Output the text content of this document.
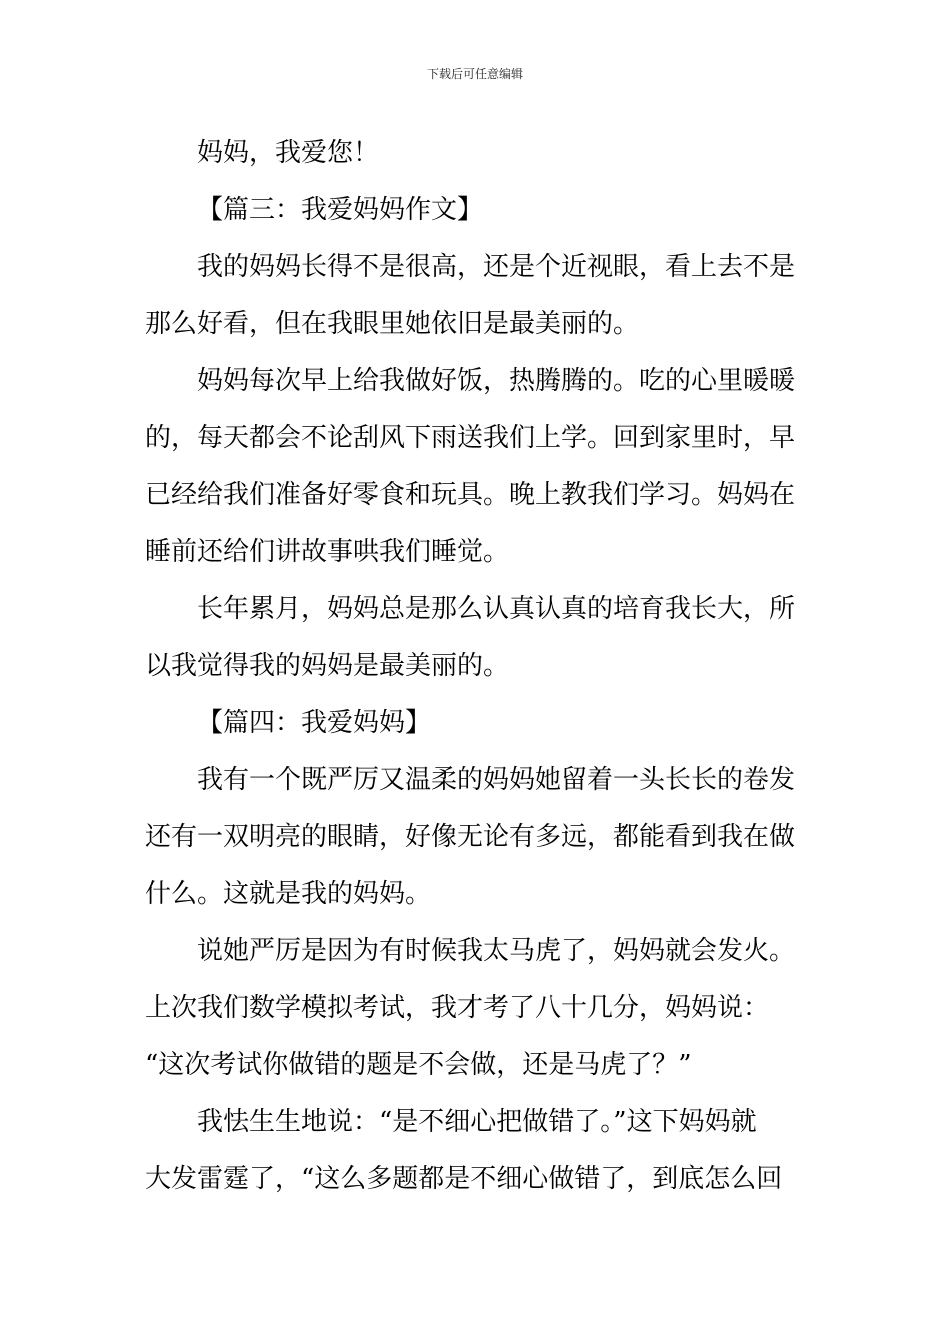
下载后可任意编辑
妈妈，我爱您！
【篇三：我爱妈妈作文】
我的妈妈长得不是很高，还是个近视眼，看上去不是
那么好看，但在我眼里她依旧是最美丽的。
妈妈每次早上给我做好饭，热腾腾的。吃的心里暖暖
的，每天都会不论刮风下雨送我们上学。回到家里时，早
已经给我们准备好零食和玩具。晚上教我们学习。妈妈在
睡前还给们讲故事哄我们睡觉。
长年累月，妈妈总是那么认真认真的培育我长大，所
以我觉得我的妈妈是最美丽的。
【篇四：我爱妈妈】
我有一个既严厉又温柔的妈妈她留着一头长长的卷发
还有一双明亮的眼睛，好像无论有多远，都能看到我在做
什么。这就是我的妈妈。
说她严厉是因为有时候我太马虎了，妈妈就会发火。
上次我们数学模拟考试，我才考了八十几分，妈妈说：
“这次考试你做错的题是不会做，还是马虎了？”
我怯生生地说：“是不细心把做错了。”这下妈妈就
大发雷霆了，“这么多题都是不细心做错了，到底怎么回
